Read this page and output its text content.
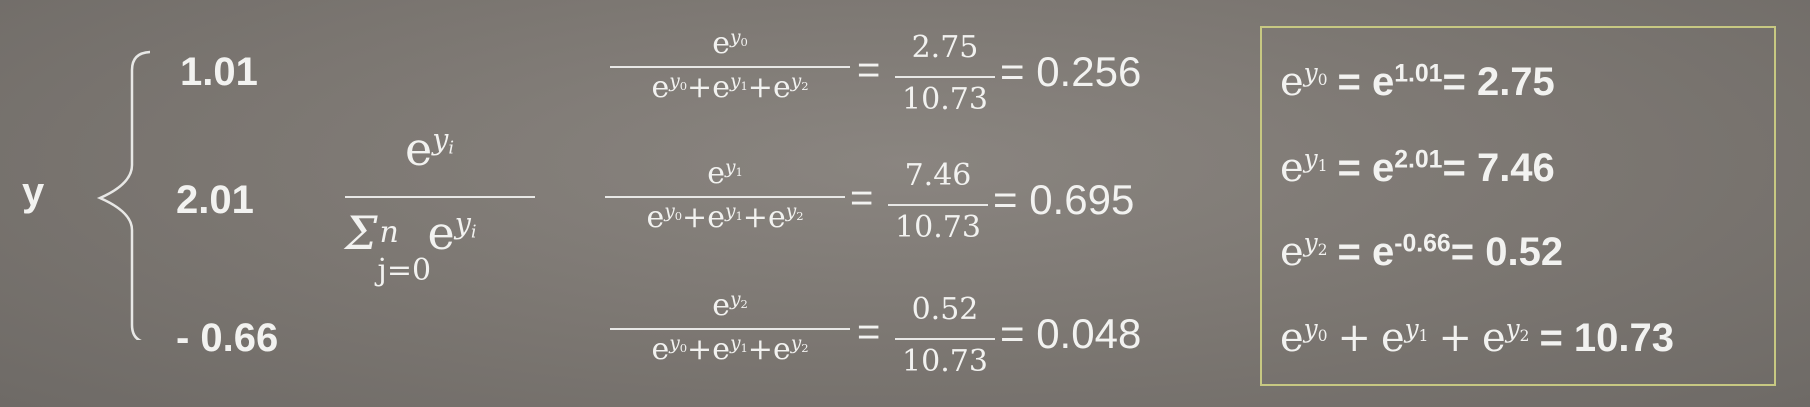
y
1.01
2.01
- 0.66
$e^{y_i}$
Σ n
j=0
$e^{y_i}$
$e^{y_0}$
$e^{y_0}+e^{y_1}+e^{y_2}$	=
2.75
10.73
= 0.256
$e^{y_1}$
$e^{y_0}+e^{y_1}+e^{y_2}$	=
7.46
10.73
= 0.695
$e^{y_2}$
$e^{y_0}+e^{y_1}+e^{y_2}$	=
0.52
10.73
= 0.048
$e^{y_0} = e^{1.01}= 2.75$
$e^{y_1} = e^{2.01}= 7.46$
$e^{y_2} = e^{-0.66}= 0.52$
$e^{y_0} + e^{y_1} + e^{y_2} = 10.73$
